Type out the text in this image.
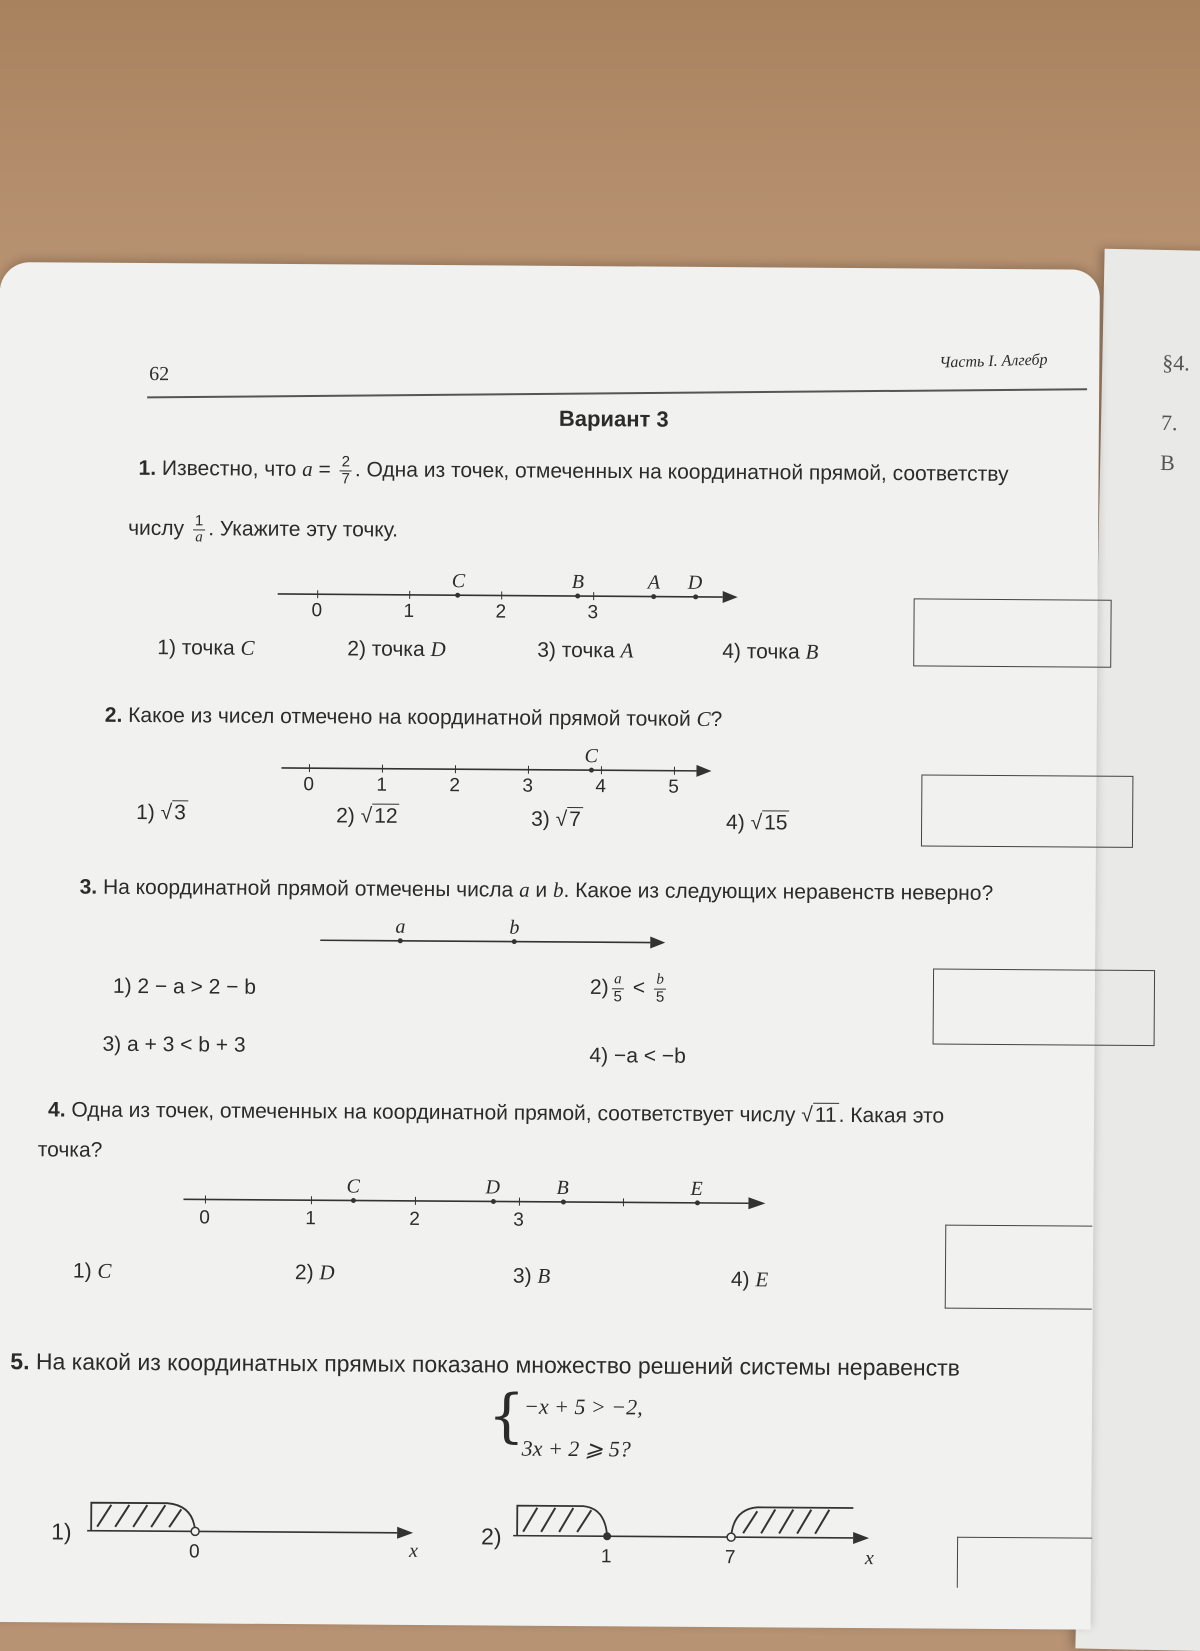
§4.
7.
В
62
Часть I. Алгебр
Вариант 3
1. Известно, что $a = \frac{2}{7}$ . Одна из точек, отмеченных на координатной прямой, соответству
числу $\frac{1}{a}$ . Укажите эту точку.
0	1	2	3
C	B	A D
1) точка C	2) точка D	3) точка A	4) точка B
2. Какое из чисел отмечено на координатной прямой точкой C?
0	1	2	3	4	5
C
1) √3	2) √12	3) √7	4) √15
3. На координатной прямой отмечены числа a и b. Какое из следующих неравенств неверно?
a	b
1) 2 − a > 2 − b	$2) \frac{a}{5} < \frac{b}{5}$
3) a + 3 < b + 3	4) −a < −b
4. Одна из точек, отмеченных на координатной прямой, соответствует числу √11. Какая это
точка?
0	1	2	3
C	D	B	E
1) C	2) D	3) B	4) E
5. На какой из координатных прямых показано множество решений системы неравенств
{
−x + 5 > −2,
3x + 2 ⩾ 5?
1)
0	x
2)
1	7	x
